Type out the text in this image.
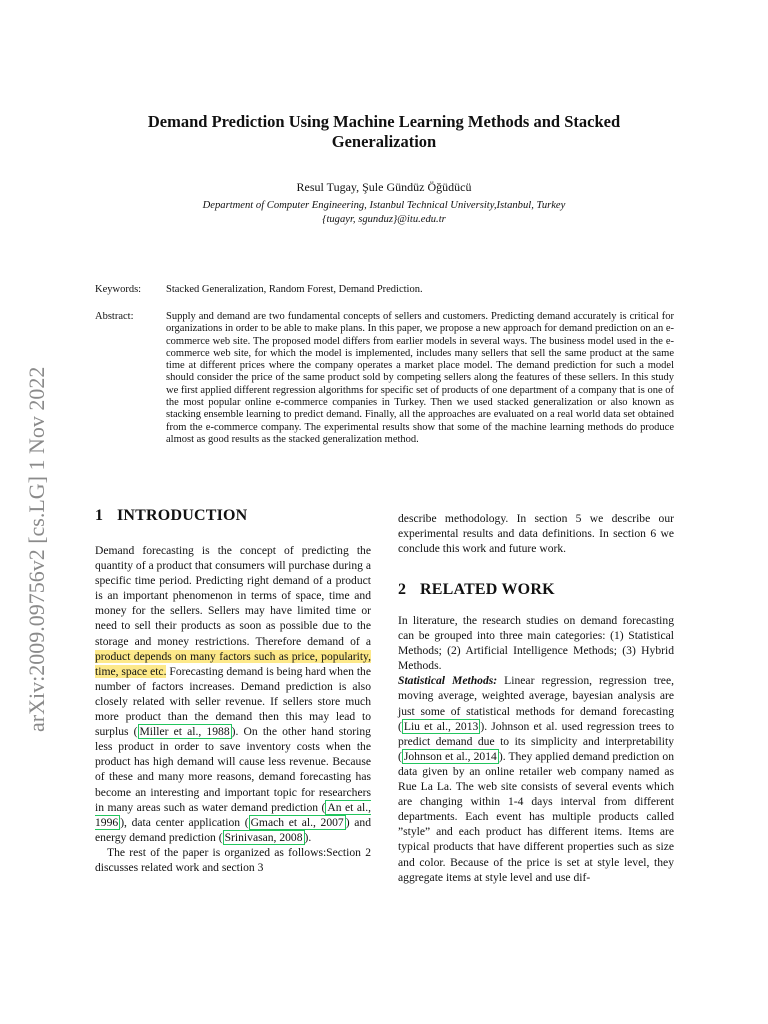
arXiv:2009.09756v2 [cs.LG] 1 Nov 2022
Demand Prediction Using Machine Learning Methods and Stacked Generalization
Resul Tugay, Şule Gündüz Öğüdücü
Department of Computer Engineering, Istanbul Technical University,Istanbul, Turkey
{tugayr, sgunduz}@itu.edu.tr
Keywords: Stacked Generalization, Random Forest, Demand Prediction.
Abstract:	Supply and demand are two fundamental concepts of sellers and customers. Predicting demand accurately is critical for organizations in order to be able to make plans. In this paper, we propose a new approach for demand prediction on an e-commerce web site. The proposed model differs from earlier models in several ways. The business model used in the e-commerce web site, for which the model is implemented, includes many sellers that sell the same product at the same time at different prices where the company operates a market place model. The demand prediction for such a model should consider the price of the same product sold by competing sellers along the features of these sellers. In this study we first applied different regression algorithms for specific set of products of one department of a company that is one of the most popular online e-commerce companies in Turkey. Then we used stacked generalization or also known as stacking ensemble learning to predict demand. Finally, all the approaches are evaluated on a real world data set obtained from the e-commerce company. The experimental results show that some of the machine learning methods do produce almost as good results as the stacked generalization method.
1 INTRODUCTION

Demand forecasting is the concept of predicting the quantity of a product that consumers will purchase during a specific time period. Predicting right demand of a product is an important phenomenon in terms of space, time and money for the sellers. Sellers may have limited time or need to sell their products as soon as possible due to the storage and money restrictions. Therefore demand of a product depends on many factors such as price, popularity, time, space etc. Forecasting demand is being hard when the number of factors increases. Demand prediction is also closely related with seller revenue. If sellers store much more product than the demand then this may lead to surplus ( Miller et al., 1988 ). On the other hand storing less product in order to save inventory costs when the product has high demand will cause less revenue. Because of these and many more reasons, demand forecasting has become an interesting and important topic for researchers in many areas such as water demand prediction ( An et al., 1996 ), data center application ( Gmach et al., 2007 ) and energy demand prediction ( Srinivasan, 2008 ).

The rest of the paper is organized as follows:Section 2 discusses related work and section 3

describe methodology. In section 5 we describe our experimental results and data definitions. In section 6 we conclude this work and future work.

2 RELATED WORK

In literature, the research studies on demand forecasting can be grouped into three main categories: (1) Statistical Methods; (2) Artificial Intelligence Methods; (3) Hybrid Methods.

Statistical Methods: Linear regression, regression tree, moving average, weighted average, bayesian analysis are just some of statistical methods for demand forecasting ( Liu et al., 2013 ). Johnson et al. used regression trees to predict demand due to its simplicity and interpretability ( Johnson et al., 2014 ). They applied demand prediction on data given by an online retailer web company named as Rue La La. The web site consists of several events which are changing within 1-4 days interval from different departments. Each event has multiple products called ”style” and each product has different items. Items are typical products that have different properties such as size and color. Because of the price is set at style level, they aggregate items at style level and use dif-
